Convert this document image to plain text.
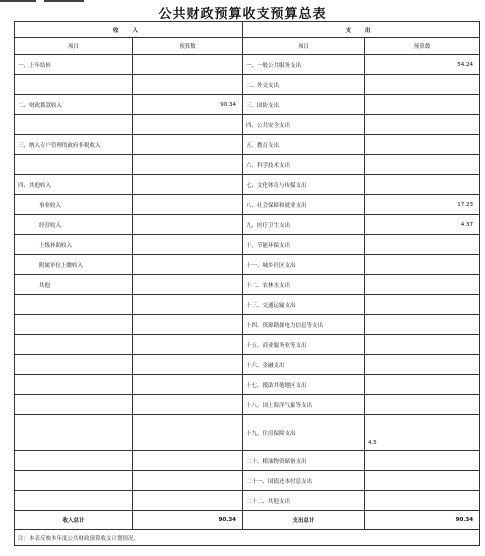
公共财政预算收支预算总表
收 入		支 出	
项目	预算数	项目	预算数
一、上年结转		一、一般公共服务支出	54.24
		二、外交支出	
二、财政拨款收入	90.34	三、国防支出	
		四、公共安全支出	
三、纳入专户管理的政府非税收入		五、教育支出	
		六、科学技术支出	
四、其他收入		七、文化体育与传媒支出	
事业收入		八、社会保障和就业支出	17.23
经营收入		九、医疗卫生支出	4.37
上级补助收入		十、节能环保支出	
附属单位上缴收入		十一、城乡社区支出	
其他		十二、农林水支出	
		十三、交通运输支出	
		十四、资源勘探电力信息等支出	
		十五、商业服务业等支出	
		十六、金融支出	
		十七、援助其他地区支出	
		十八、国土海洋气象等支出	
		十九、住房保障支出	4.5
		二十、粮油物资储备支出	
		二十一、国债还本付息支出	
		二十二、其他支出	
收入总计	90.34	支出总计	90.34
注：本表反映本年度公共财政预算收支计划情况。			
